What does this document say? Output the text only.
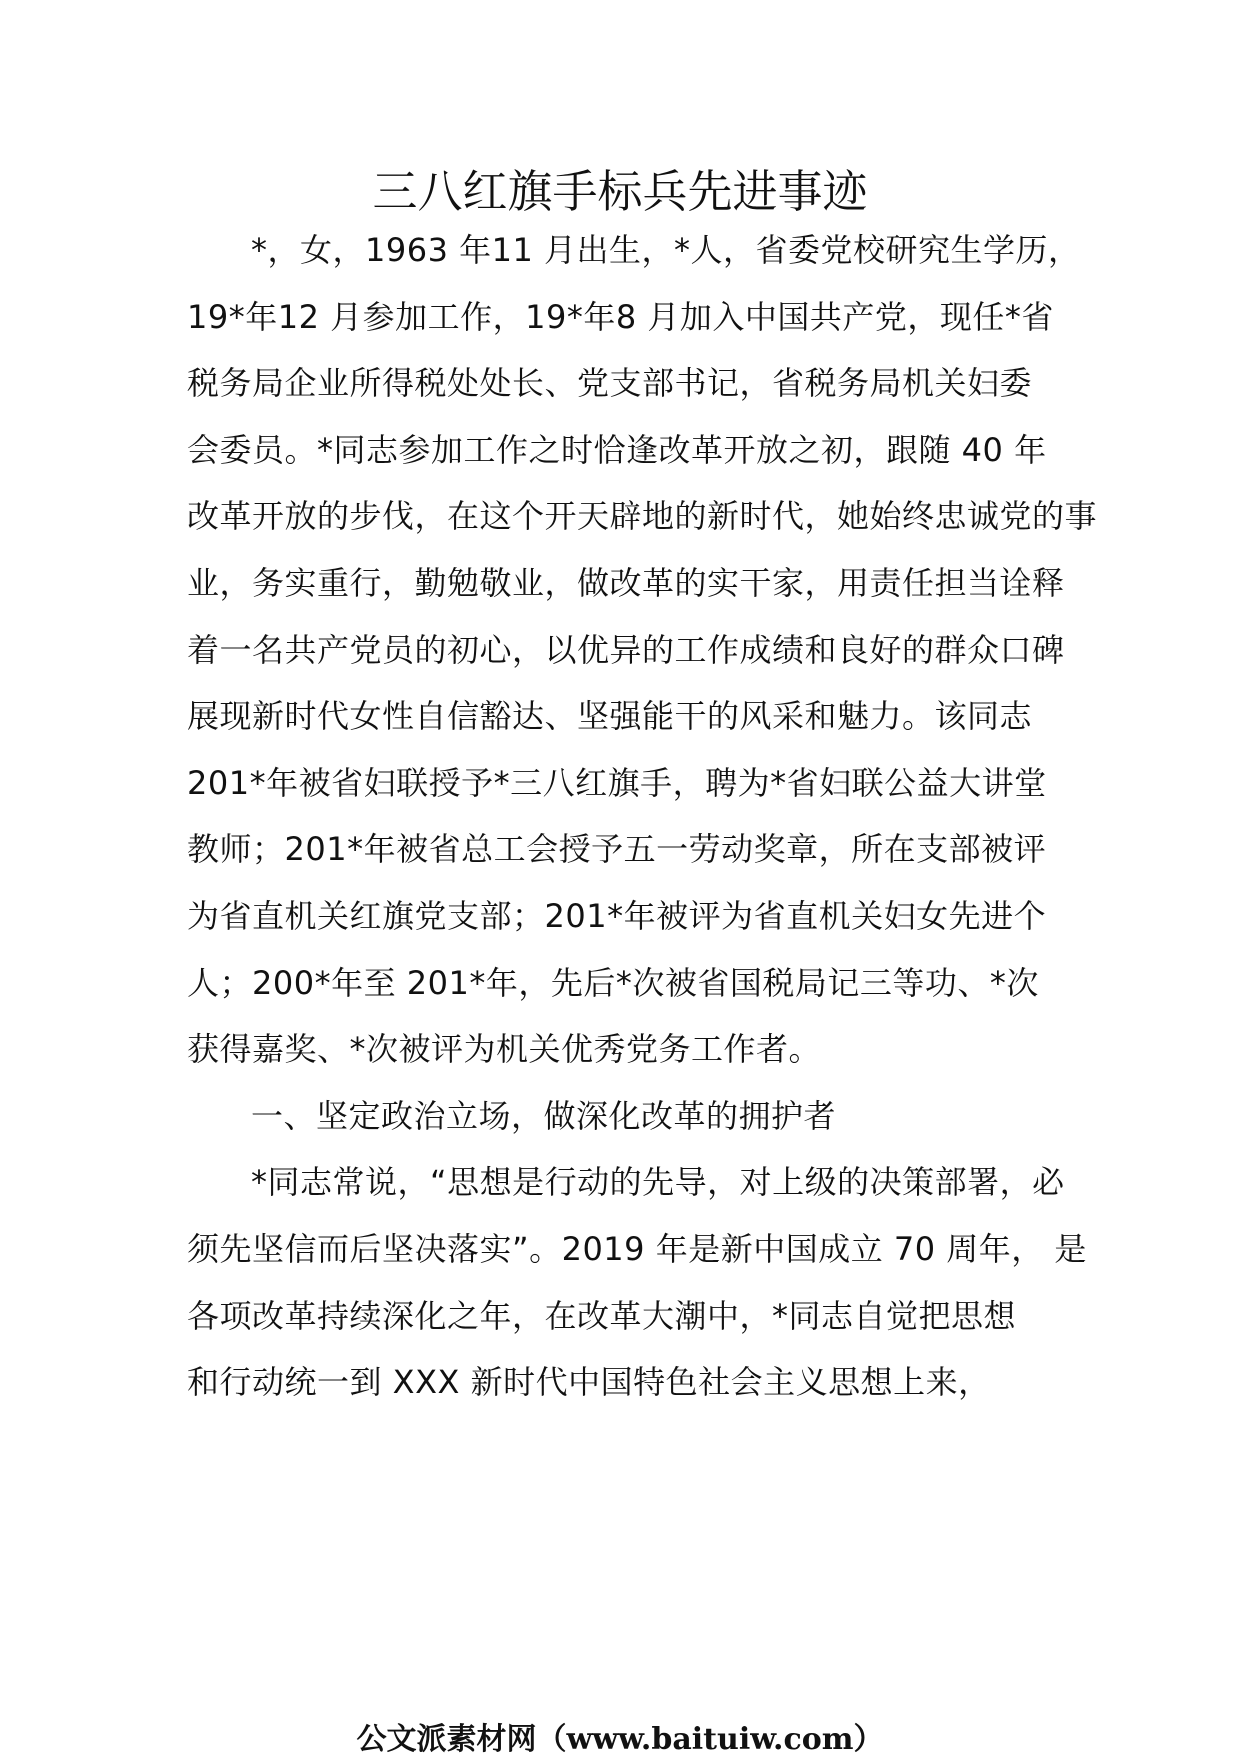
三八红旗手标兵先进事迹
*，女，1963 年11 月出生，*人，省委党校研究生学历，
19*年12 月参加工作，19*年8 月加入中国共产党，现任*省
税务局企业所得税处处长、党支部书记，省税务局机关妇委
会委员。*同志参加工作之时恰逢改革开放之初，跟随 40 年
改革开放的步伐，在这个开天辟地的新时代，她始终忠诚党的事
业，务实重行，勤勉敬业，做改革的实干家，用责任担当诠释
着一名共产党员的初心，以优异的工作成绩和良好的群众口碑
展现新时代女性自信豁达、坚强能干的风采和魅力。该同志
201*年被省妇联授予*三八红旗手，聘为*省妇联公益大讲堂
教师；201*年被省总工会授予五一劳动奖章，所在支部被评
为省直机关红旗党支部；201*年被评为省直机关妇女先进个
人；200*年至 201*年，先后*次被省国税局记三等功、*次
获得嘉奖、*次被评为机关优秀党务工作者。
一、坚定政治立场，做深化改革的拥护者
*同志常说，“思想是行动的先导，对上级的决策部署，必
须先坚信而后坚决落实”。2019 年是新中国成立 70 周年， 是
各项改革持续深化之年，在改革大潮中，*同志自觉把思想
和行动统一到 XXX 新时代中国特色社会主义思想上来，
公文派素材网（www.baituiw.com）
